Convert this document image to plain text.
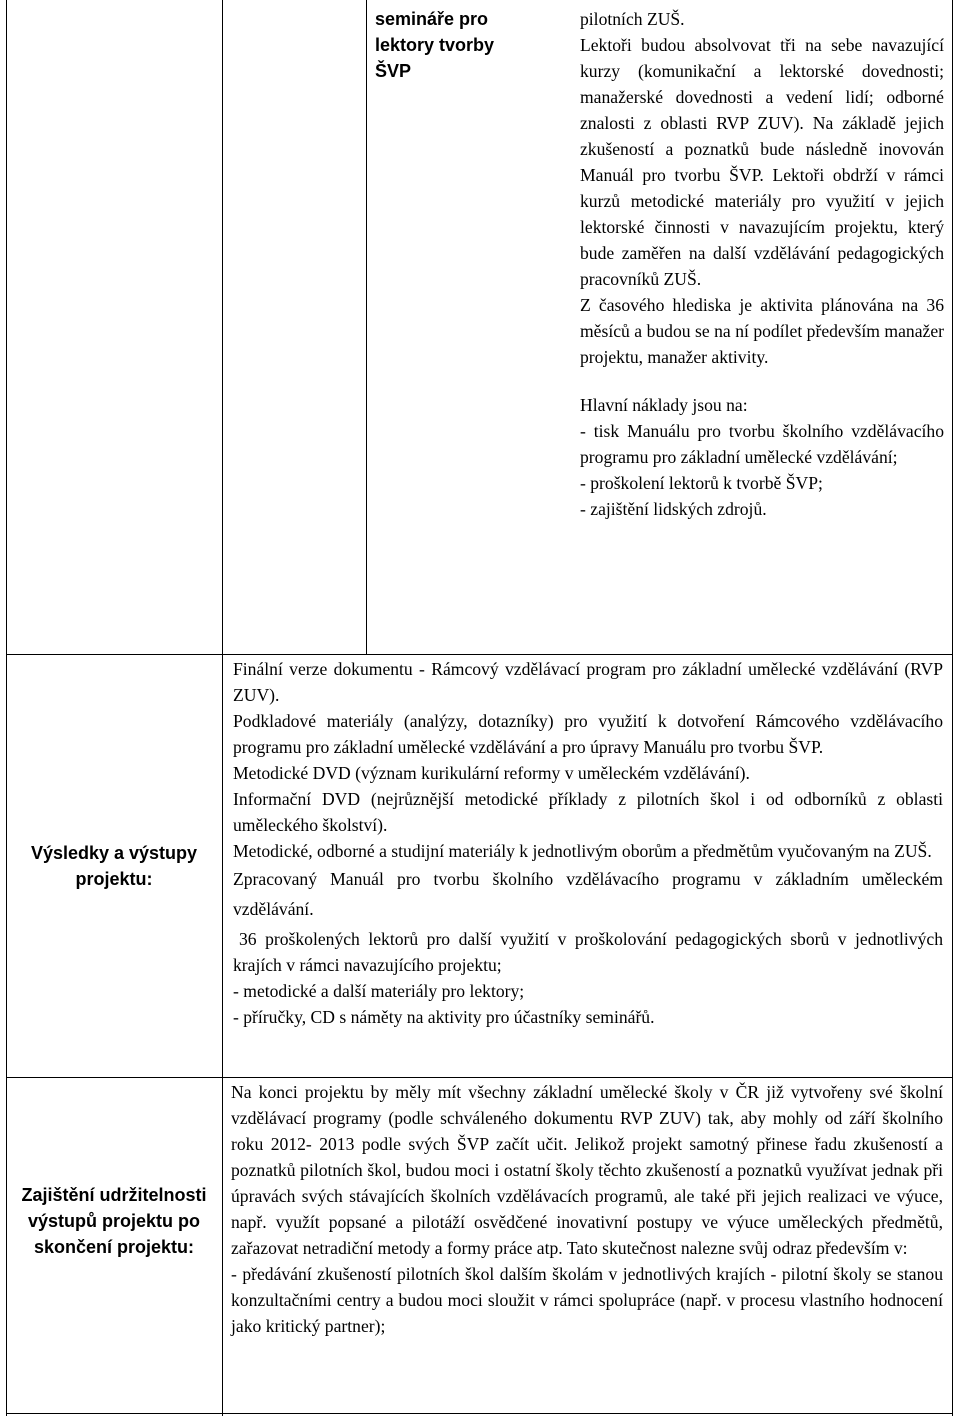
semináře pro lektory tvorby ŠVP

pilotních ZUŠ.

Lektoři budou absolvovat tři na sebe navazující kurzy (komunikační a lektorské dovednosti; manažerské dovednosti a vedení lidí; odborné znalosti z oblasti RVP ZUV). Na základě jejich zkušeností a poznatků bude následně inovován Manuál pro tvorbu ŠVP. Lektoři obdrží v rámci kurzů metodické materiály pro využití v jejich lektorské činnosti v navazujícím projektu, který bude zaměřen na další vzdělávání pedagogických pracovníků ZUŠ.

Z časového hlediska je aktivita plánována na 36 měsíců a budou se na ní podílet především manažer projektu, manažer aktivity.

Hlavní náklady jsou na:

- tisk Manuálu pro tvorbu školního vzdělávacího programu pro základní umělecké vzdělávání;

- proškolení lektorů k tvorbě ŠVP;

- zajištění lidských zdrojů.

Výsledky a výstupy projektu:

Finální verze dokumentu - Rámcový vzdělávací program pro základní umělecké vzdělávání (RVP ZUV).

Podkladové materiály (analýzy, dotazníky) pro využití k dotvoření Rámcového vzdělávacího programu pro základní umělecké vzdělávání a pro úpravy Manuálu pro tvorbu ŠVP.

Metodické DVD (význam kurikulární reformy v uměleckém vzdělávání).

Informační DVD (nejrůznější metodické příklady z pilotních škol i od odborníků z oblasti uměleckého školství).

Metodické, odborné a studijní materiály k jednotlivým oborům a předmětům vyučovaným na ZUŠ.

Zpracovaný Manuál pro tvorbu školního vzdělávacího programu v základním uměleckém vzdělávání.

36 proškolených lektorů pro další využití v proškolování pedagogických sborů v jednotlivých krajích v rámci navazujícího projektu;

- metodické a další materiály pro lektory;

- příručky, CD s náměty na aktivity pro účastníky seminářů.

Zajištění udržitelnosti výstupů projektu po skončení projektu:

Na konci projektu by měly mít všechny základní umělecké školy v ČR již vytvořeny své školní vzdělávací programy (podle schváleného dokumentu RVP ZUV) tak, aby mohly od září školního roku 2012- 2013 podle svých ŠVP začít učit. Jelikož projekt samotný přinese řadu zkušeností a poznatků pilotních škol, budou moci i ostatní školy těchto zkušeností a poznatků využívat jednak při úpravách svých stávajících školních vzdělávacích programů, ale také při jejich realizaci ve výuce, např. využít popsané a pilotáží osvědčené inovativní postupy ve výuce uměleckých předmětů, zařazovat netradiční metody a formy práce atp. Tato skutečnost nalezne svůj odraz především v:

- předávání zkušeností pilotních škol dalším školám v jednotlivých krajích - pilotní školy se stanou konzultačními centry a budou moci sloužit v rámci spolupráce (např. v procesu vlastního hodnocení jako kritický partner);
